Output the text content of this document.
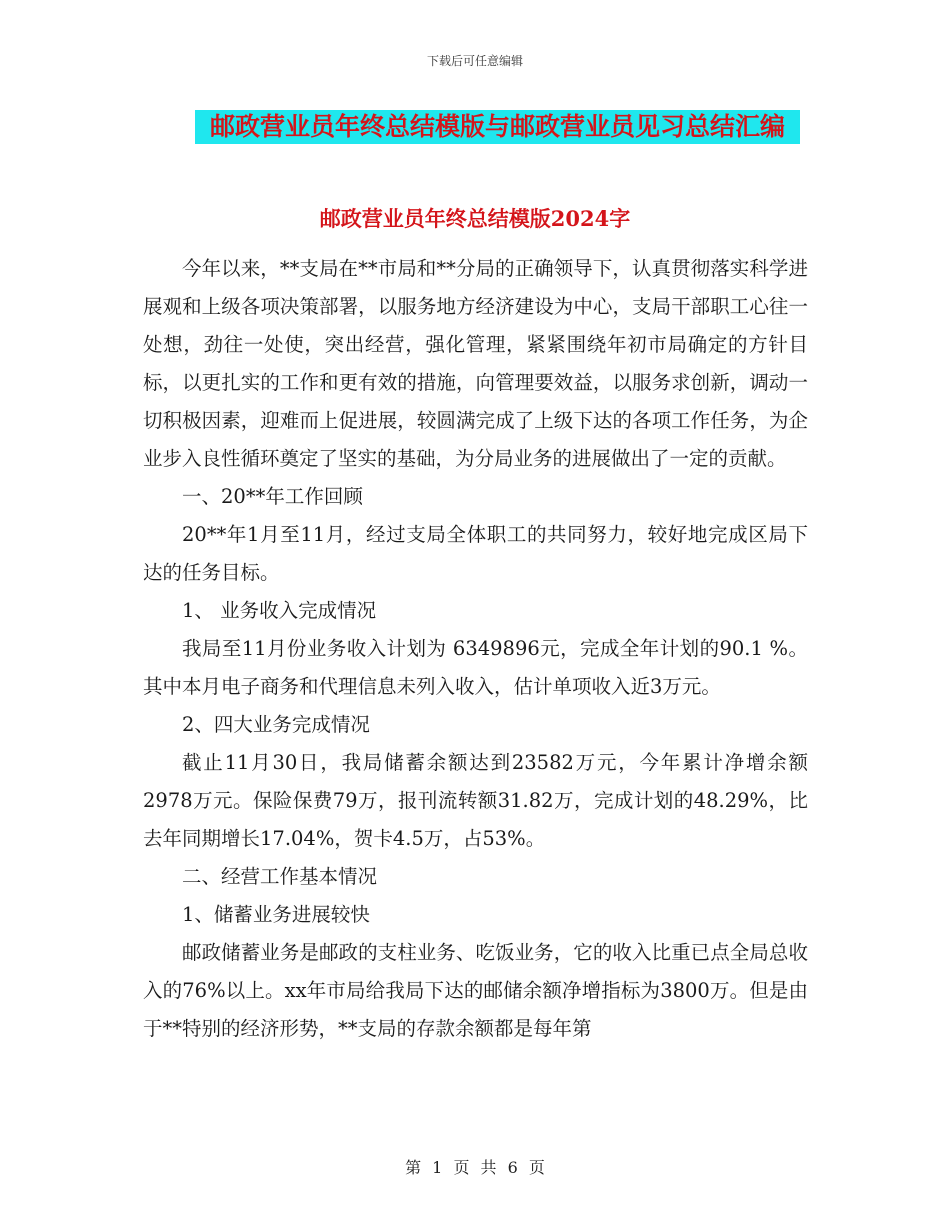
下载后可任意编辑
邮政营业员年终总结模版与邮政营业员见习总结汇编
邮政营业员年终总结模版2024字

今年以来，**支局在**市局和**分局的正确领导下，认真贯彻落实科学进展观和上级各项决策部署，以服务地方经济建设为中心，支局干部职工心往一处想，劲往一处使，突出经营，强化管理，紧紧围绕年初市局确定的方针目标，以更扎实的工作和更有效的措施，向管理要效益，以服务求创新，调动一切积极因素，迎难而上促进展，较圆满完成了上级下达的各项工作任务，为企业步入良性循环奠定了坚实的基础，为分局业务的进展做出了一定的贡献。

一、20**年工作回顾

20**年1月至11月，经过支局全体职工的共同努力，较好地完成区局下达的任务目标。

1、 业务收入完成情况

我局至11月份业务收入计划为 6349896元，完成全年计划的90.1 %。其中本月电子商务和代理信息未列入收入，估计单项收入近3万元。

2、四大业务完成情况

截止11月30日，我局储蓄余额达到23582万元，今年累计净增余额 2978万元。保险保费79万，报刊流转额31.82万，完成计划的48.29%，比去年同期增长17.04%，贺卡4.5万，占53%。

二、经营工作基本情况

1、储蓄业务进展较快

邮政储蓄业务是邮政的支柱业务、吃饭业务，它的收入比重已点全局总收入的76%以上。xx年市局给我局下达的邮储余额净增指标为3800万。但是由于**特别的经济形势，**支局的存款余额都是每年第

第 1 页 共 6 页
